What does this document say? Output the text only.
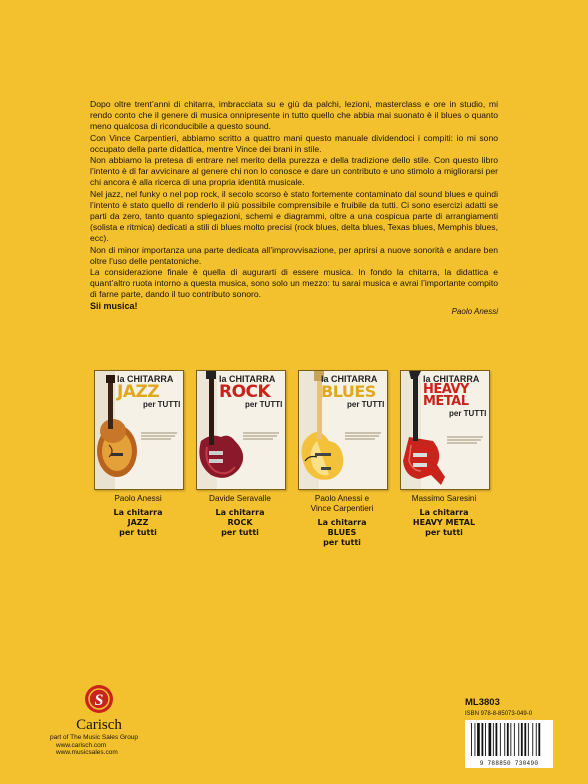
Dopo oltre trent’anni di chitarra, imbracciata su e giù da palchi, lezioni, masterclass e ore in studio, mi rendo conto che il genere di musica onnipresente in tutto quello che abbia mai suonato è il blues o quanto meno qualcosa di riconducibile a questo sound.

Con Vince Carpentieri, abbiamo scritto a quattro mani questo manuale dividendoci i compiti: io mi sono occupato della parte didattica, mentre Vince dei brani in stile.

Non abbiamo la pretesa di entrare nel merito della purezza e della tradizione dello stile. Con questo libro l’intento è di far avvicinare al genere chi non lo conosce e dare un contributo e uno stimolo a migliorarsi per chi ancora è alla ricerca di una propria identità musicale.

Nel jazz, nel funky o nel pop rock, il secolo scorso è stato fortemente contaminato dal sound blues e quindi l’intento è stato quello di renderlo il più possibile comprensibile e fruibile da tutti. Ci sono esercizi adatti se parti da zero, tanto quanto spiegazioni, schemi e diagrammi, oltre a una cospicua parte di arrangiamenti (solista e ritmica) dedicati a stili di blues molto precisi (rock blues, delta blues, Texas blues, Memphis blues, ecc).

Non di minor importanza una parte dedicata all’improvvisazione, per aprirsi a nuove sonorità e andare ben oltre l’uso delle pentatoniche.

La considerazione finale è quella di augurarti di essere musica. In fondo la chitarra, la didattica e quant’altro ruota intorno a questa musica, sono solo un mezzo: tu sarai musica e avrai l’importante compito di farne parte, dando il tuo contributo sonoro.

Sii musica!

Paolo Anessi
la CHITARRA
JAZZ
per TUTTI
la CHITARRA
ROCK
per TUTTI
la CHITARRA
BLUES
per TUTTI
la CHITARRA
HEAVY
METAL
per TUTTI
Paolo Anessi
La chitarra
JAZZ
per tutti
Davide Seravalle
La chitarra
ROCK
per tutti
Paolo Anessi e
Vince Carpentieri
La chitarra
BLUES
per tutti
Massimo Saresini
La chitarra
HEAVY METAL
per tutti
S
Carisch
part of The Music Sales Group
www.carisch.com
www.musicsales.com
ML3803
ISBN 978-8-85073-049-0
9 788850 730490
